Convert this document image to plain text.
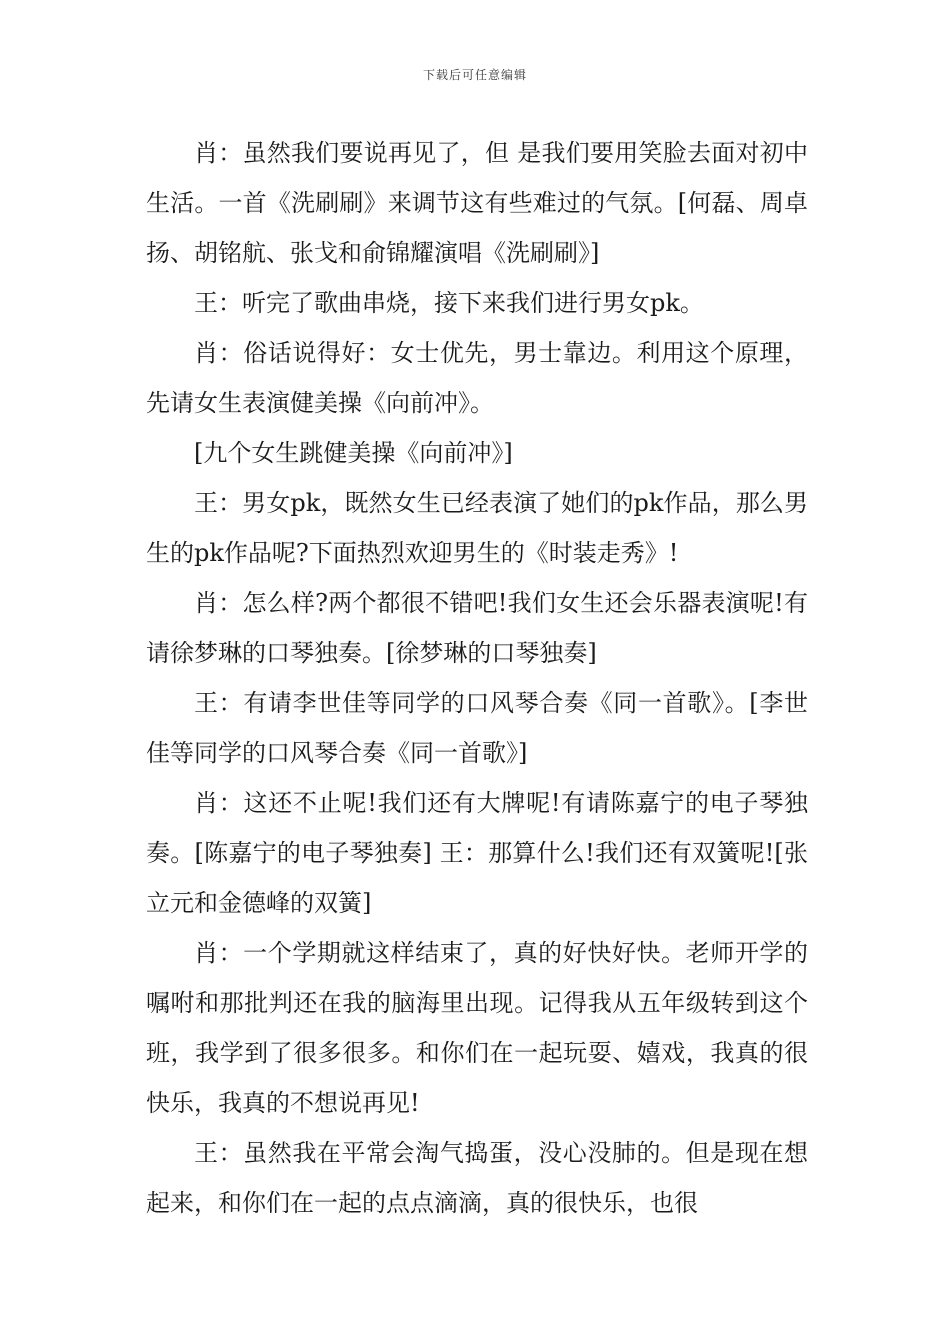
下载后可任意编辑

肖：虽然我们要说再见了，但 是我们要用笑脸去面对初中生活。一首《洗刷刷》来调节这有些难过的气氛。[何磊、周卓扬、胡铭航、张戈和俞锦耀演唱《洗刷刷》]

王：听完了歌曲串烧，接下来我们进行男女pk。

肖：俗话说得好：女士优先，男士靠边。利用这个原理，先请女生表演健美操《向前冲》。

[九个女生跳健美操《向前冲》]

王：男女pk，既然女生已经表演了她们的pk作品，那么男生的pk作品呢?下面热烈欢迎男生的《时装走秀》!

肖：怎么样?两个都很不错吧!我们女生还会乐器表演呢!有请徐梦琳的口琴独奏。[徐梦琳的口琴独奏]

王：有请李世佳等同学的口风琴合奏《同一首歌》。[李世佳等同学的口风琴合奏《同一首歌》]

肖：这还不止呢!我们还有大牌呢!有请陈嘉宁的电子琴独奏。[陈嘉宁的电子琴独奏] 王：那算什么!我们还有双簧呢![张立元和金德峰的双簧]

肖：一个学期就这样结束了，真的好快好快。老师开学的嘱咐和那批判还在我的脑海里出现。记得我从五年级转到这个班，我学到了很多很多。和你们在一起玩耍、嬉戏，我真的很快乐，我真的不想说再见!

王：虽然我在平常会淘气捣蛋，没心没肺的。但是现在想起来，和你们在一起的点点滴滴，真的很快乐，也很
